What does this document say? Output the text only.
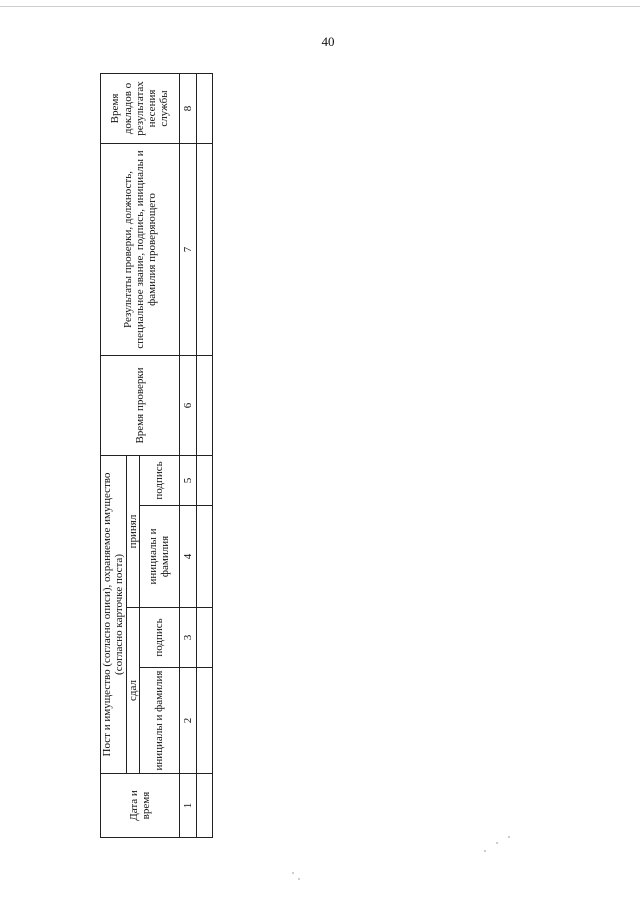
40
Дата и время	Пост и имущество (согласно описи), охраняемое имущество (согласно карточке поста)				Время проверки	Результаты проверки, должность, специальное звание, подпись, инициалы и фамилия проверяющего	Время докладов о результатах несения службы
	сдал		принял				
	инициалы и фамилия	подпись	инициалы и фамилия	подпись			
1	2	3	4	5	6	7	8
